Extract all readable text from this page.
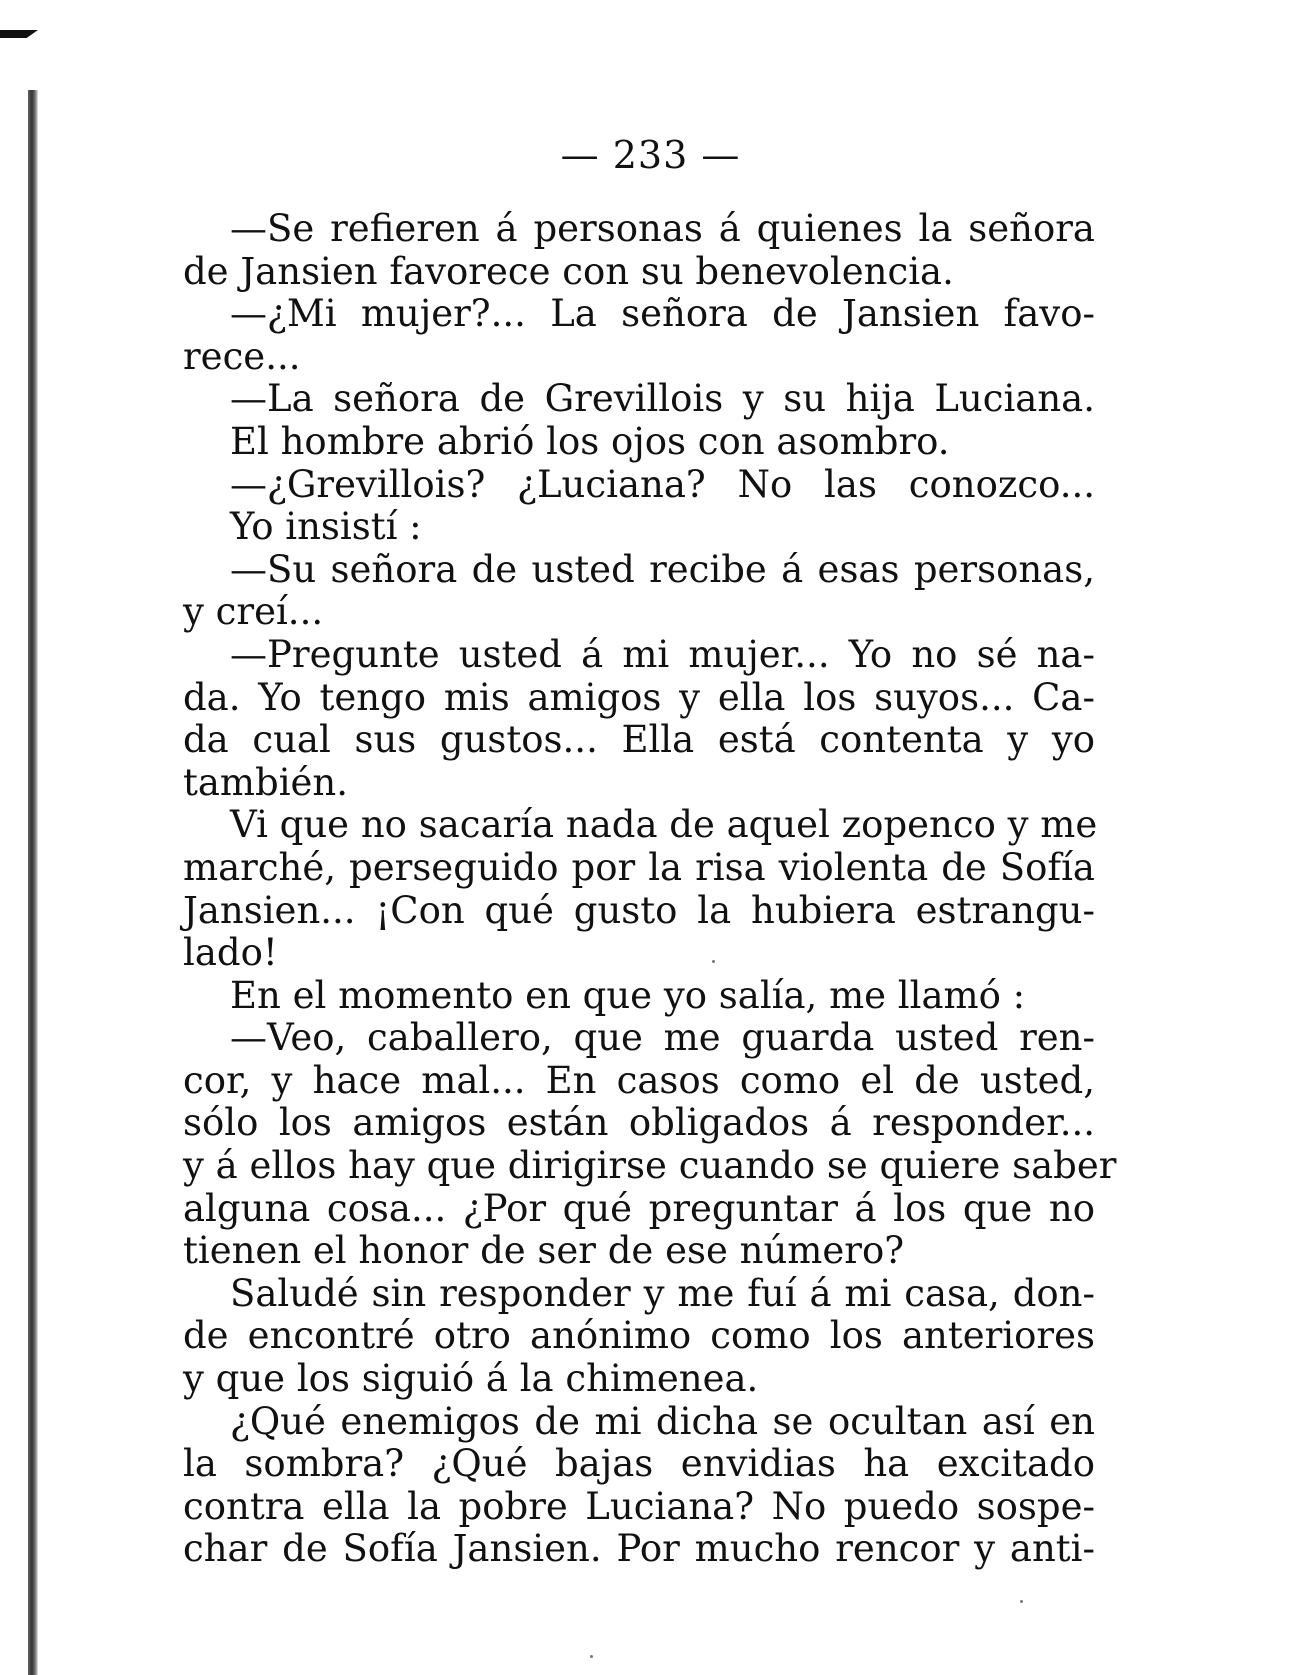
— 233 —
—Se refieren á personas á quienes la señora
de Jansien favorece con su benevolencia.
—¿Mi mujer?... La señora de Jansien favo-
rece...
—La señora de Grevillois y su hija Luciana.
El hombre abrió los ojos con asombro.
—¿Grevillois? ¿Luciana? No las conozco...
Yo insistí :
—Su señora de usted recibe á esas personas,
y creí...
—Pregunte usted á mi mujer... Yo no sé na-
da. Yo tengo mis amigos y ella los suyos... Ca-
da cual sus gustos... Ella está contenta y yo
también.
Vi que no sacaría nada de aquel zopenco y me
marché, perseguido por la risa violenta de Sofía
Jansien... ¡Con qué gusto la hubiera estrangu-
lado!
En el momento en que yo salía, me llamó :
—Veo, caballero, que me guarda usted ren-
cor, y hace mal... En casos como el de usted,
sólo los amigos están obligados á responder...
y á ellos hay que dirigirse cuando se quiere saber
alguna cosa... ¿Por qué preguntar á los que no
tienen el honor de ser de ese número?
Saludé sin responder y me fuí á mi casa, don-
de encontré otro anónimo como los anteriores
y que los siguió á la chimenea.
¿Qué enemigos de mi dicha se ocultan así en
la sombra? ¿Qué bajas envidias ha excitado
contra ella la pobre Luciana? No puedo sospe-
char de Sofía Jansien. Por mucho rencor y anti-
